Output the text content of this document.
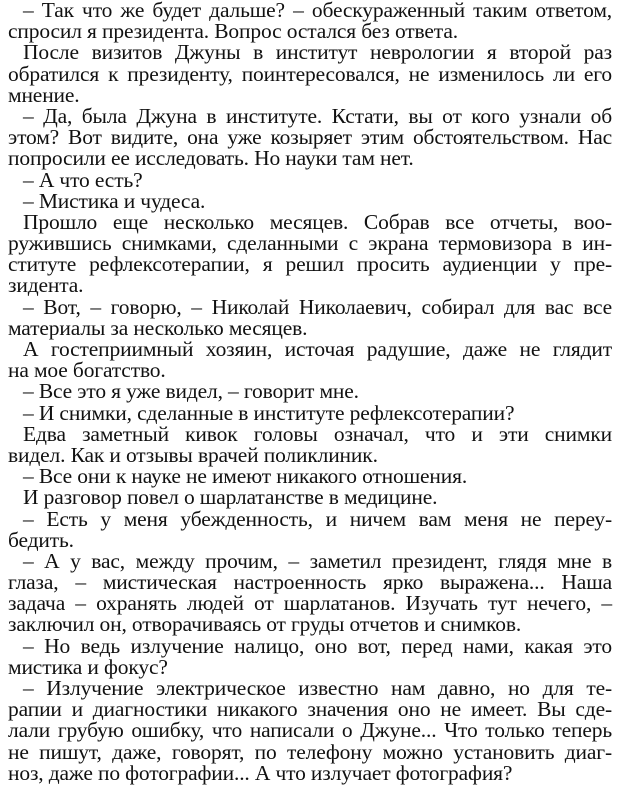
– Так что же будет дальше? – обескураженный таким ответом,
спросил я президента. Вопрос остался без ответа.
После визитов Джуны в институт неврологии я второй раз
обратился к президенту, поинтересовался, не изменилось ли его
мнение.
– Да, была Джуна в институте. Кстати, вы от кого узнали об
этом? Вот видите, она уже козыряет этим обстоятельством. Нас
попросили ее исследовать. Но науки там нет.
– А что есть?
– Мистика и чудеса.
Прошло еще несколько месяцев. Собрав все отчеты, воо-
ружившись снимками, сделанными с экрана термовизора в ин-
ституте рефлексотерапии, я решил просить аудиенции у пре-
зидента.
– Вот, – говорю, – Николай Николаевич, собирал для вас все
материалы за несколько месяцев.
А гостеприимный хозяин, источая радушие, даже не глядит
на мое богатство.
– Все это я уже видел, – говорит мне.
– И снимки, сделанные в институте рефлексотерапии?
Едва заметный кивок головы означал, что и эти снимки
видел. Как и отзывы врачей поликлиник.
– Все они к науке не имеют никакого отношения.
И разговор повел о шарлатанстве в медицине.
– Есть у меня убежденность, и ничем вам меня не переу-
бедить.
– А у вас, между прочим, – заметил президент, глядя мне в
глаза, – мистическая настроенность ярко выражена... Наша
задача – охранять людей от шарлатанов. Изучать тут нечего, –
заключил он, отворачиваясь от груды отчетов и снимков.
– Но ведь излучение налицо, оно вот, перед нами, какая это
мистика и фокус?
– Излучение электрическое известно нам давно, но для те-
рапии и диагностики никакого значения оно не имеет. Вы сде-
лали грубую ошибку, что написали о Джуне... Что только теперь
не пишут, даже, говорят, по телефону можно установить диаг-
ноз, даже по фотографии... А что излучает фотография?
